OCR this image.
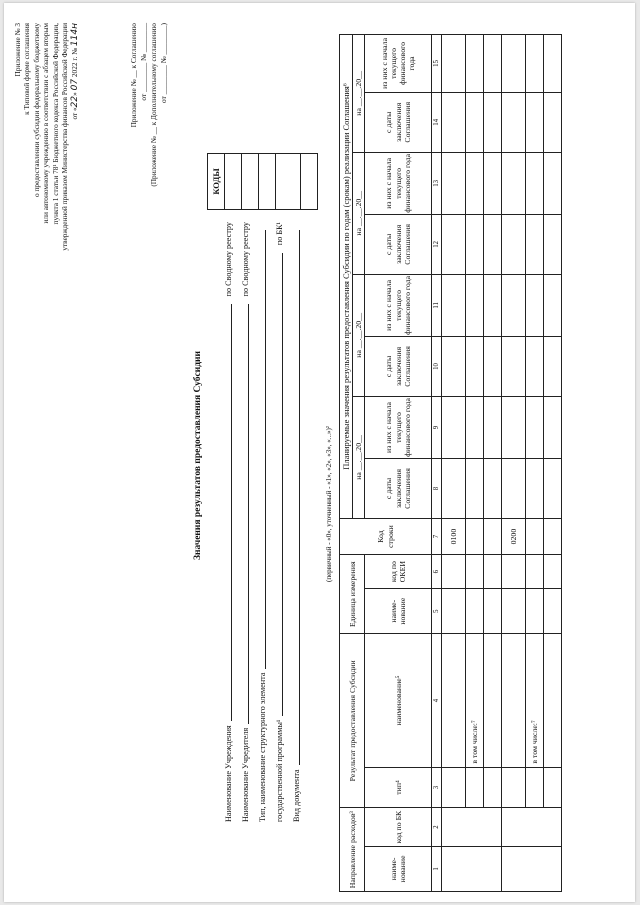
Приложение № 3 к Типовой форме соглашения о предоставлении субсидии федеральному бюджетному или автономному учреждению в соответствии с абзацем вторым пункта 1 статьи 78¹ Бюджетного кодекса Российской Федерации, утвержденной приказом Министерства финансов Российской Федерации от «22» 07 2022 г. № 114н	Приложение № __ к Соглашению от ________ № ________ (Приложение № __ к Дополнительному соглашению от ________ № ________)
Значения результатов предоставления Субсидии
Наименование Учреждения
по Сводному реестру
Наименование Учредителя
по Сводному реестру
Тип, наименование структурного элемента государственной программы¹
по БК¹
Вид документа
КОДЫ

(первичный - «0», уточненный - «1», «2», «3», «...»)²
Направление расходов³		Результат предоставления Субсидии		Единица измерения		Код строки	Планируемые значения результатов предоставления Субсидии по годам (срокам) реализации Соглашения⁶							
							на __.__.20__		на __.__.20__		на __.__.20__		на __.__.20__	
наиме-нование	код по БК	тип⁴	наименование⁵	наиме-нование	код по ОКЕИ		с даты заключения Соглашения	из них с начала текущего финансового года	с даты заключения Соглашения	из них с начала текущего финансового года	с даты заключения Соглашения	из них с начала текущего финансового года	с даты заключения Соглашения	из них с начала текущего финансового года
1	2	3	4	5	6	7	8	9	10	11	12	13	14	15
						0100								
			в том числе:⁷											

						0200								
			в том числе:⁷											
